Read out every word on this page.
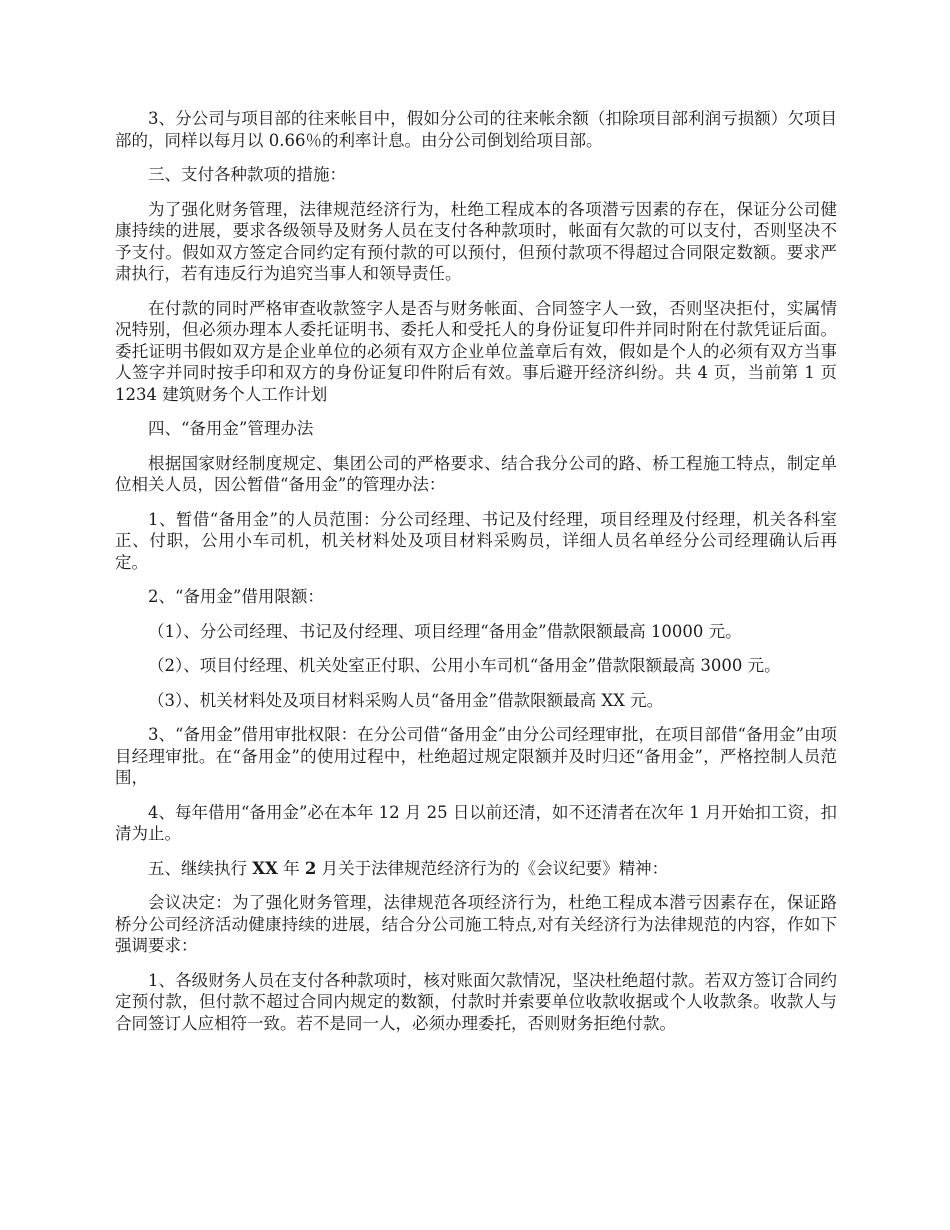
3、分公司与项目部的往来帐目中，假如分公司的往来帐余额（扣除项目部利润亏损额）欠项目部的，同样以每月以 0.66％的利率计息。由分公司倒划给项目部。

三、支付各种款项的措施：

为了强化财务管理，法律规范经济行为，杜绝工程成本的各项潜亏因素的存在，保证分公司健康持续的进展，要求各级领导及财务人员在支付各种款项时，帐面有欠款的可以支付，否则坚决不予支付。假如双方签定合同约定有预付款的可以预付，但预付款项不得超过合同限定数额。要求严肃执行，若有违反行为追究当事人和领导责任。

在付款的同时严格审查收款签字人是否与财务帐面、合同签字人一致，否则坚决拒付，实属情况特别，但必须办理本人委托证明书、委托人和受托人的身份证复印件并同时附在付款凭证后面。委托证明书假如双方是企业单位的必须有双方企业单位盖章后有效，假如是个人的必须有双方当事人签字并同时按手印和双方的身份证复印件附后有效。事后避开经济纠纷。共 4 页，当前第 1 页 1234 建筑财务个人工作计划

四、“备用金”管理办法

根据国家财经制度规定、集团公司的严格要求、结合我分公司的路、桥工程施工特点，制定单位相关人员，因公暂借“备用金”的管理办法：

1、暂借“备用金”的人员范围：分公司经理、书记及付经理，项目经理及付经理，机关各科室正、付职，公用小车司机，机关材料处及项目材料采购员，详细人员名单经分公司经理确认后再定。

2、“备用金”借用限额：

（1）、分公司经理、书记及付经理、项目经理“备用金”借款限额最高 10000 元。

（2）、项目付经理、机关处室正付职、公用小车司机“备用金”借款限额最高 3000 元。

（3）、机关材料处及项目材料采购人员“备用金”借款限额最高 XX 元。

3、“备用金”借用审批权限：在分公司借“备用金”由分公司经理审批，在项目部借“备用金”由项目经理审批。在“备用金”的使用过程中，杜绝超过规定限额并及时归还“备用金”，严格控制人员范围，

4、每年借用“备用金”必在本年 12 月 25 日以前还清，如不还清者在次年 1 月开始扣工资，扣清为止。

五、继续执行 XX 年 2 月关于法律规范经济行为的《会议纪要》精神：

会议决定：为了强化财务管理，法律规范各项经济行为，杜绝工程成本潜亏因素存在，保证路桥分公司经济活动健康持续的进展，结合分公司施工特点,对有关经济行为法律规范的内容，作如下强调要求：

1、各级财务人员在支付各种款项时，核对账面欠款情况，坚决杜绝超付款。若双方签订合同约定预付款，但付款不超过合同内规定的数额，付款时并索要单位收款收据或个人收款条。收款人与合同签订人应相符一致。若不是同一人，必须办理委托，否则财务拒绝付款。
